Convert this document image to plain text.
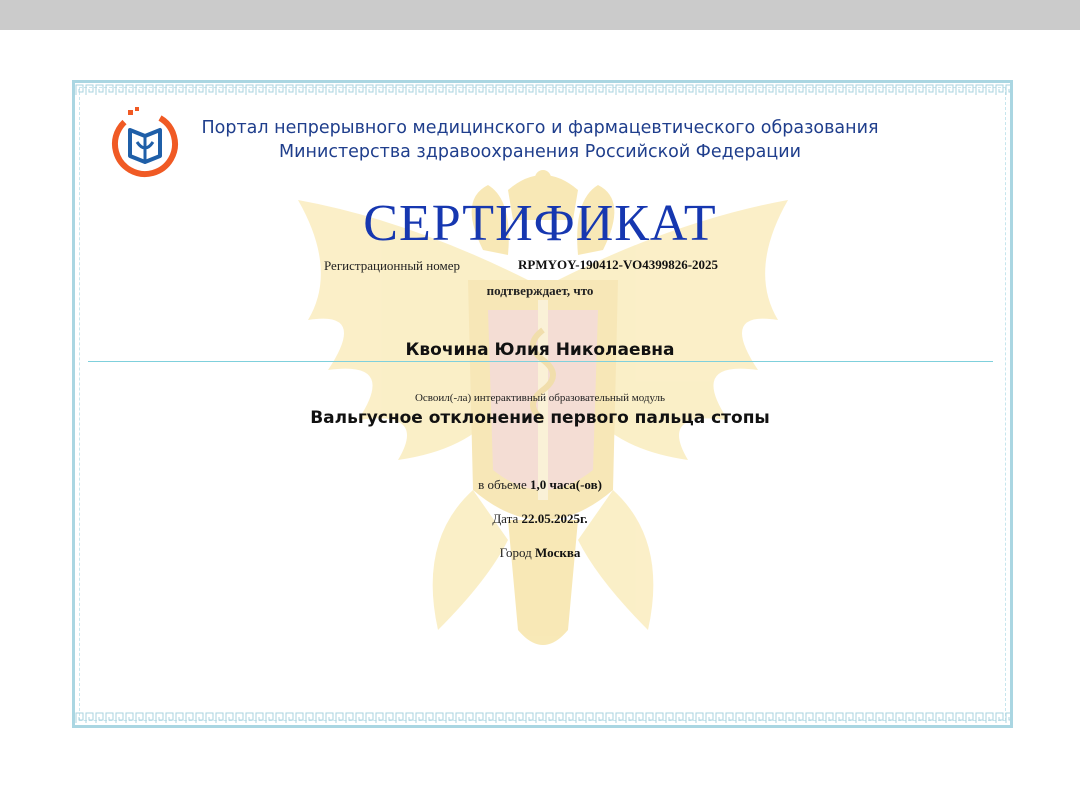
Портал непрерывного медицинского и фармацевтического образования
Министерства здравоохранения Российской Федерации
СЕРТИФИКАТ
Регистрационный номер	RPMYOY-190412-VO4399826-2025
подтверждает, что
Квочина Юлия Николаевна
Освоил(-ла) интерактивный образовательный модуль
Вальгусное отклонение первого пальца стопы
в объеме 1,0 часа(-ов)
Дата 22.05.2025г.
Город Москва
